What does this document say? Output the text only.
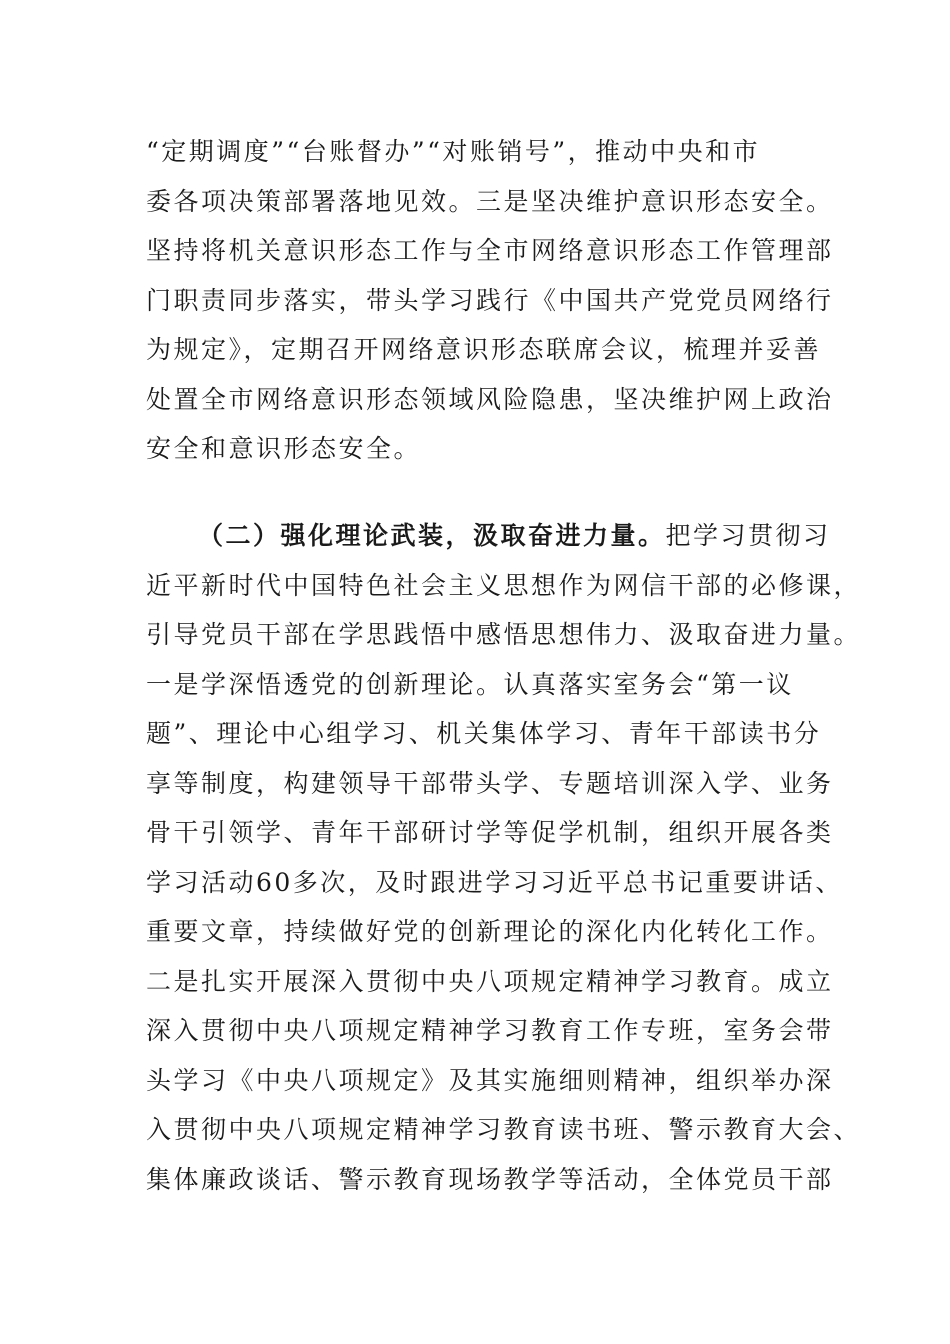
“定期调度”“台账督办”“对账销号”，推动中央和市
委各项决策部署落地见效。三是坚决维护意识形态安全。
坚持将机关意识形态工作与全市网络意识形态工作管理部
门职责同步落实，带头学习践行《中国共产党党员网络行
为规定》，定期召开网络意识形态联席会议，梳理并妥善
处置全市网络意识形态领域风险隐患，坚决维护网上政治
安全和意识形态安全。
（二）强化理论武装，汲取奋进力量。把学习贯彻习
近平新时代中国特色社会主义思想作为网信干部的必修课，
引导党员干部在学思践悟中感悟思想伟力、汲取奋进力量。
一是学深悟透党的创新理论。认真落实室务会“第一议
题”、理论中心组学习、机关集体学习、青年干部读书分
享等制度，构建领导干部带头学、专题培训深入学、业务
骨干引领学、青年干部研讨学等促学机制，组织开展各类
学习活动60多次，及时跟进学习习近平总书记重要讲话、
重要文章，持续做好党的创新理论的深化内化转化工作。
二是扎实开展深入贯彻中央八项规定精神学习教育。成立
深入贯彻中央八项规定精神学习教育工作专班，室务会带
头学习《中央八项规定》及其实施细则精神，组织举办深
入贯彻中央八项规定精神学习教育读书班、警示教育大会、
集体廉政谈话、警示教育现场教学等活动，全体党员干部
